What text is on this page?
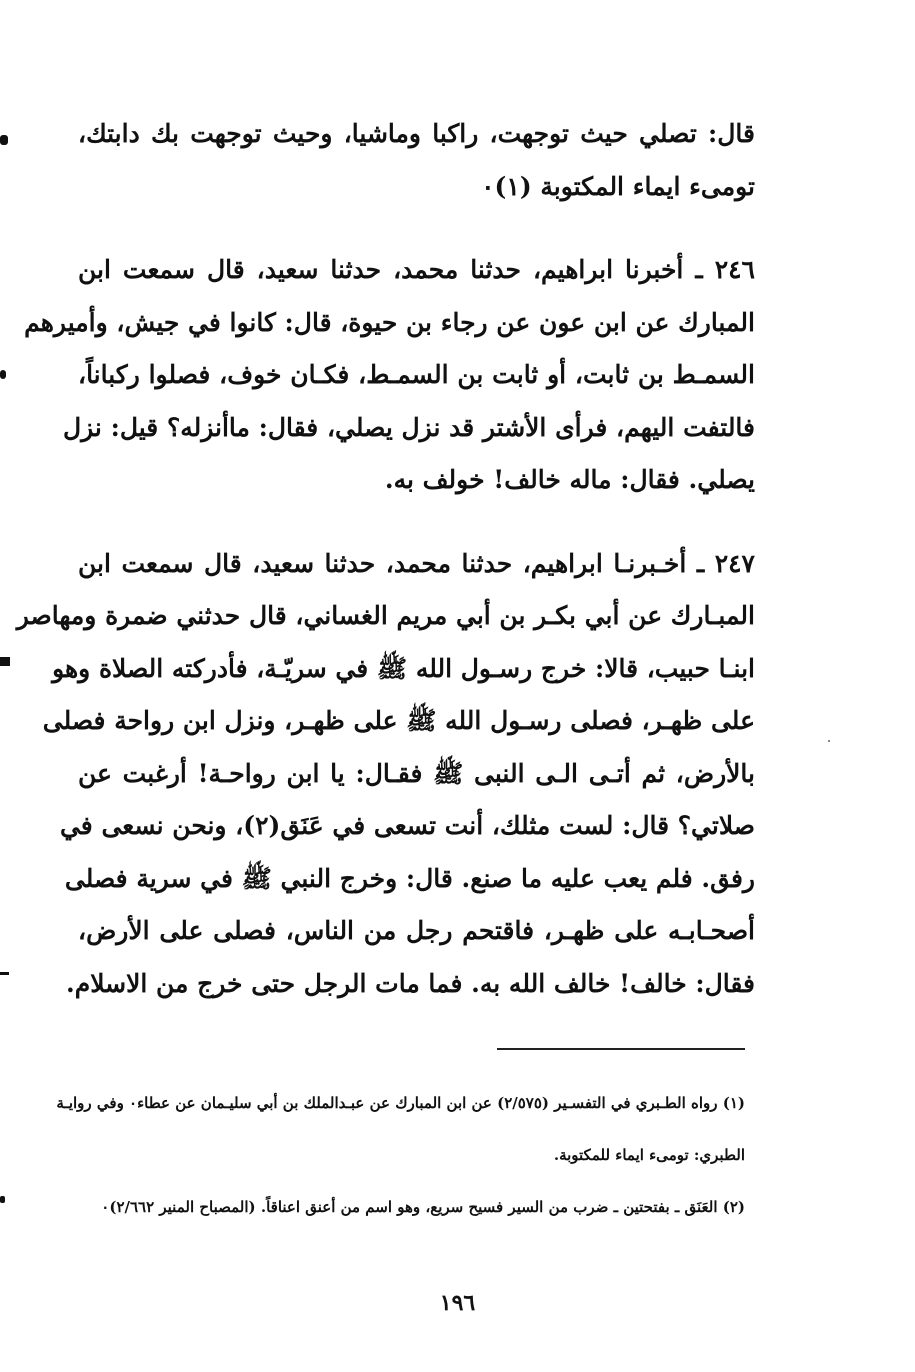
قال: تصلي حيث توجهت، راكبا وماشيا، وحيث توجهت بك دابتك،
تومىء ايماء المكتوبة (١)٠
٢٤٦ ـ أخبرنا ابراهيم، حدثنا محمد، حدثنا سعيد، قال سمعت ابن
المبارك عن ابن عون عن رجاء بن حيوة، قال: كانوا في جيش، وأميرهم
السمـط بن ثابت، أو ثابت بن السمـط، فكـان خوف، فصلوا ركباناً،
فالتفت اليهم، فرأى الأشتر قد نزل يصلي، فقال: ماأنزله؟ قيل: نزل
يصلي. فقال: ماله خالف! خولف به.
٢٤٧ ـ أخـبرنـا ابراهيم، حدثنا محمد، حدثنا سعيد، قال سمعت ابن
المبـارك عن أبي بكـر بن أبي مريم الغساني، قال حدثني ضمرة ومهاصر
ابنـا حبيب، قالا: خرج رسـول الله ﷺ في سريّـة، فأدركته الصلاة وهو
على ظهـر، فصلى رسـول الله ﷺ على ظهـر، ونزل ابن رواحة فصلى
بالأرض، ثم أتـى الـى النبى ﷺ فقـال: يا ابن رواحـة! أرغبت عن
صلاتي؟ قال: لست مثلك، أنت تسعى في عَنَق(٢)، ونحن نسعى في
رفق. فلم يعب عليه ما صنع. قال: وخرج النبي ﷺ في سرية فصلى
أصحـابـه على ظهـر، فاقتحم رجل من الناس، فصلى على الأرض،
فقال: خالف! خالف الله به. فما مات الرجل حتى خرج من الاسلام.
(١) رواه الطـبري في التفسـير (٢/٥٧٥) عن ابن المبارك عن عبـدالملك بن أبي سليـمان عن عطاء٠ وفي روايـة
الطبري: تومىء ايماء للمكتوبة.
(٢) العَنَق ـ بفتحتين ـ ضرب من السير فسيح سريع، وهو اسم من أعنق اعناقاً. (المصباح المنير ٢/٦٦٢)٠
١٩٦
